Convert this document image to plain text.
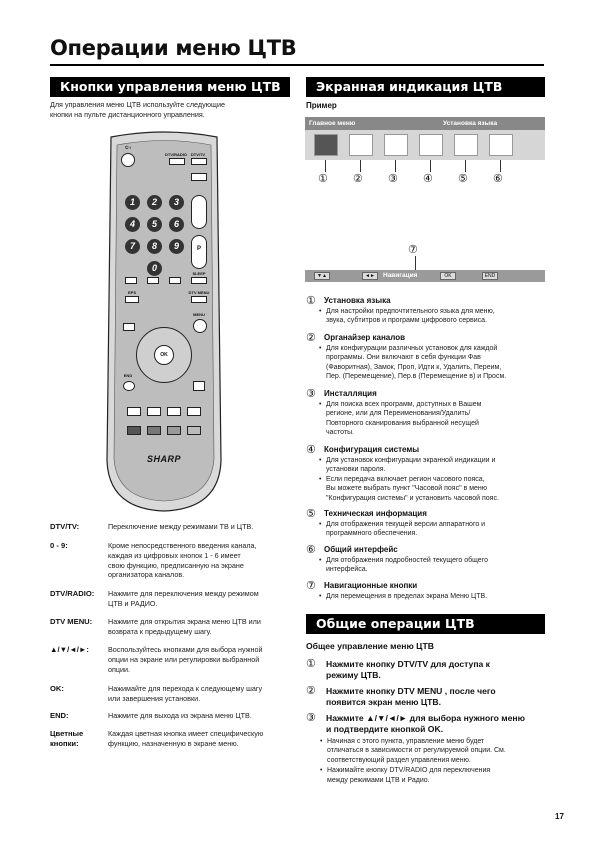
Операции меню ЦТВ
Кнопки управления меню ЦТВ	Экранная индикация ЦТВ
Для управления меню ЦТВ используйте следующие
кнопки на пульте дистанционного управления.
⏻ I
DTV/RADIO DTV/TV
1	2	3
4	5	6
7	8	9
0
P
SLEEP
EPS	DTV MENU
MENU
OK
END
SHARP
DTV/TV:	Переключение между режимами ТВ и ЦТВ.
0 - 9:	Кроме непосредственного введения канала,
каждая из цифровых кнопок 1 - 6 имеет
свою функцию, предписанную на экране
организатора каналов.
DTV/RADIO:	Нажмите для переключения между режимом
ЦТВ и РАДИО.
DTV MENU:	Нажмите для открытия экрана меню ЦТВ или
возврата к предыдущему шагу.
▲/▼/◄/►:	Воспользуйтесь кнопками для выбора нужной
опции на экране или регулировки выбранной
опции.
OK:	Нажимайте для перехода к следующему шагу
или завершения установки.
END:	Нажмите для выхода из экрана меню ЦТВ.
Цветные кнопки:
Каждая цветная кнопка имеет специфическую
функцию, назначенную в экране меню.
Пример
Главное меню	Установка языка
① ② ③ ④ ⑤ ⑥
⑦
▼▲	◄►	Навигация	OK	END
① Установка языка
• Для настройки предпочтительного языка для меню,
звука, субтитров и программ цифрового сервиса.
② Органайзер каналов
• Для конфигурации различных установок для каждой
программы. Они включают в себя функции Фав
(Фаворитная), Замок, Проп, Идти к, Удалить, Переим,
Пер. (Перемещение), Пер.в (Перемещение в) и Просм.
③ Инсталляция
• Для поиска всех программ, доступных в Вашем
регионе, или для Переименования/Удалить/
Повторного сканирования выбранной несущей
частоты.
④ Конфигурация системы
• Для установок конфигурации экранной индикации и
установки пароля.
• Если передача включает регион часового пояса,
Вы можете выбрать пункт "Часовой пояс" в меню
"Конфигурация системы" и установить часовой пояс.
⑤ Техническая информация
• Для отображения текущей версии аппаратного и
программного обеспечения.
⑥ Общий интерфейс
• Для отображения подробностей текущего общего
интерфейса.
⑦ Навигационные кнопки
• Для перемещения в пределах экрана Меню ЦТВ.
Общие операции ЦТВ
Общее управление меню ЦТВ
① Нажмите кнопку DTV/TV для доступа к
режиму ЦТВ.
② Нажмите кнопку DTV MENU , после чего
появится экран меню ЦТВ.
③ Нажмите ▲/▼/◄/► для выбора нужного меню
и подтвердите кнопкой OK.
• Начиная с этого пункта, управление меню будет
отличаться в зависимости от регулируемой опции. См.
соответствующий раздел управления меню.
• Нажимайте кнопку DTV/RADIO для переключения
между режимами ЦТВ и Радио.
17
